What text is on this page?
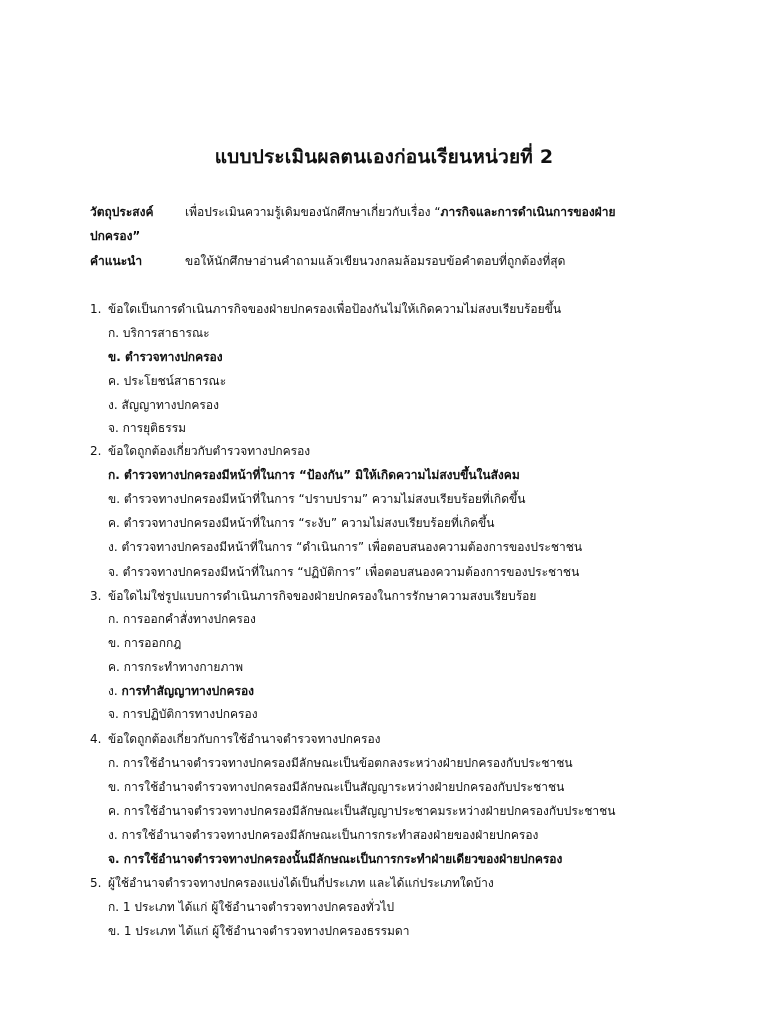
แบบประเมินผลตนเองก่อนเรียนหน่วยที่ 2
วัตถุประสงค์	เพื่อประเมินความรู้เดิมของนักศึกษาเกี่ยวกับเรื่อง “ภารกิจและการดำเนินการของฝ่าย
ปกครอง”
คำแนะนำ	ขอให้นักศึกษาอ่านคำถามแล้วเขียนวงกลมล้อมรอบข้อคำตอบที่ถูกต้องที่สุด
1. ข้อใดเป็นการดำเนินภารกิจของฝ่ายปกครองเพื่อป้องกันไม่ให้เกิดความไม่สงบเรียบร้อยขึ้น
ก. บริการสาธารณะ
ข. ตำรวจทางปกครอง
ค. ประโยชน์สาธารณะ
ง. สัญญาทางปกครอง
จ. การยุติธรรม
2. ข้อใดถูกต้องเกี่ยวกับตำรวจทางปกครอง
ก. ตำรวจทางปกครองมีหน้าที่ในการ “ป้องกัน” มิให้เกิดความไม่สงบขึ้นในสังคม
ข. ตำรวจทางปกครองมีหน้าที่ในการ “ปราบปราม” ความไม่สงบเรียบร้อยที่เกิดขึ้น
ค. ตำรวจทางปกครองมีหน้าที่ในการ “ระงับ” ความไม่สงบเรียบร้อยที่เกิดขึ้น
ง. ตำรวจทางปกครองมีหน้าที่ในการ “ดำเนินการ” เพื่อตอบสนองความต้องการของประชาชน
จ. ตำรวจทางปกครองมีหน้าที่ในการ “ปฏิบัติการ” เพื่อตอบสนองความต้องการของประชาชน
3. ข้อใดไม่ใช่รูปแบบการดำเนินภารกิจของฝ่ายปกครองในการรักษาความสงบเรียบร้อย
ก. การออกคำสั่งทางปกครอง
ข. การออกกฎ
ค. การกระทำทางกายภาพ
ง. การทำสัญญาทางปกครอง
จ. การปฏิบัติการทางปกครอง
4. ข้อใดถูกต้องเกี่ยวกับการใช้อำนาจตำรวจทางปกครอง
ก. การใช้อำนาจตำรวจทางปกครองมีลักษณะเป็นข้อตกลงระหว่างฝ่ายปกครองกับประชาชน
ข. การใช้อำนาจตำรวจทางปกครองมีลักษณะเป็นสัญญาระหว่างฝ่ายปกครองกับประชาชน
ค. การใช้อำนาจตำรวจทางปกครองมีลักษณะเป็นสัญญาประชาคมระหว่างฝ่ายปกครองกับประชาชน
ง. การใช้อำนาจตำรวจทางปกครองมีลักษณะเป็นการกระทำสองฝ่ายของฝ่ายปกครอง
จ. การใช้อำนาจตำรวจทางปกครองนั้นมีลักษณะเป็นการกระทำฝ่ายเดียวของฝ่ายปกครอง
5. ผู้ใช้อำนาจตำรวจทางปกครองแบ่งได้เป็นกี่ประเภท และได้แก่ประเภทใดบ้าง
ก. 1 ประเภท ได้แก่ ผู้ใช้อำนาจตำรวจทางปกครองทั่วไป
ข. 1 ประเภท ได้แก่ ผู้ใช้อำนาจตำรวจทางปกครองธรรมดา
